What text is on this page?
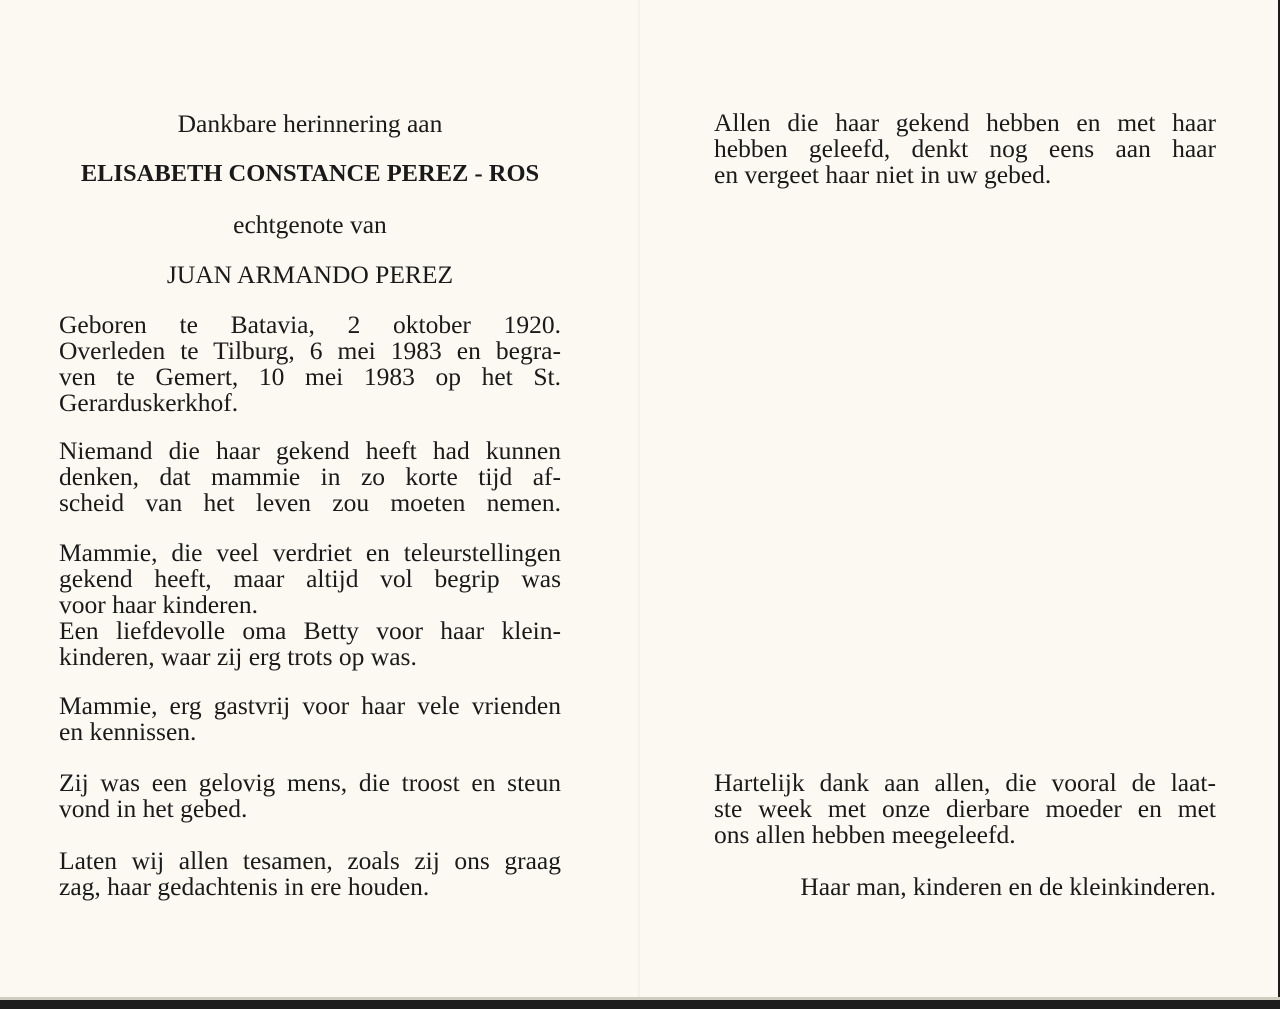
Dankbare herinnering aan
ELISABETH CONSTANCE PEREZ - ROS
echtgenote van
JUAN ARMANDO PEREZ

Geboren te Batavia, 2 oktober 1920.
Overleden te Tilburg, 6 mei 1983 en begra-
ven te Gemert, 10 mei 1983 op het St.
Gerarduskerkhof.

Niemand die haar gekend heeft had kunnen
denken, dat mammie in zo korte tijd af-
scheid van het leven zou moeten nemen.

Mammie, die veel verdriet en teleurstellingen
gekend heeft, maar altijd vol begrip was
voor haar kinderen.
Een liefdevolle oma Betty voor haar klein-
kinderen, waar zij erg trots op was.

Mammie, erg gastvrij voor haar vele vrienden
en kennissen.

Zij was een gelovig mens, die troost en steun
vond in het gebed.

Laten wij allen tesamen, zoals zij ons graag
zag, haar gedachtenis in ere houden.

Allen die haar gekend hebben en met haar
hebben geleefd, denkt nog eens aan haar
en vergeet haar niet in uw gebed.

Hartelijk dank aan allen, die vooral de laat-
ste week met onze dierbare moeder en met
ons allen hebben meegeleefd.

Haar man, kinderen en de kleinkinderen.
